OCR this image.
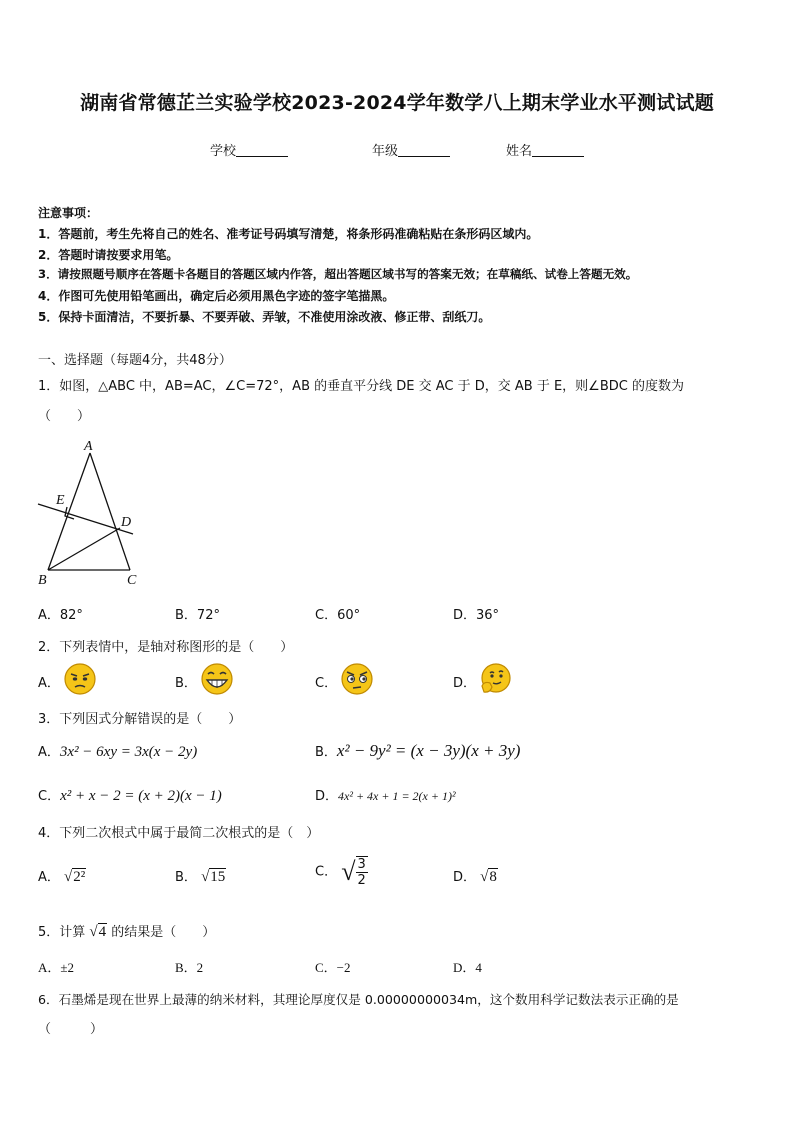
湖南省常德芷兰实验学校2023-2024学年数学八上期末学业水平测试试题
学校	年级	姓名
注意事项：
1．答题前，考生先将自己的姓名、准考证号码填写清楚，将条形码准确粘贴在条形码区域内。
2．答题时请按要求用笔。
3．请按照题号顺序在答题卡各题目的答题区域内作答，超出答题区域书写的答案无效；在草稿纸、试卷上答题无效。
4．作图可先使用铅笔画出，确定后必须用黑色字迹的签字笔描黑。
5．保持卡面清洁，不要折暴、不要弄破、弄皱，不准使用涂改液、修正带、刮纸刀。
一、选择题（每题4分，共48分）
1．如图，△ABC 中，AB=AC，∠C=72°，AB 的垂直平分线 DE 交 AC 于 D，交 AB 于 E，则∠BDC 的度数为
（　　）
A
E
D
B	C
A．82°	B．72°	C．60°	D．36°
2．下列表情中，是轴对称图形的是（　　）
A．	B．	C．	D．
3．下列因式分解错误的是（　　）
A．3x² − 6xy = 3x(x − 2y)	B．x² − 9y² = (x − 3y)(x + 3y)
C．x² + x − 2 = (x + 2)(x − 1)	D．4x² + 4x + 1 = 2(x + 1)²
4．下列二次根式中属于最简二次根式的是（　）
A． √2²	B． √15	C． √ $\frac{3}{2}$	D． √8
5．计算 √4 的结果是（　　）
A．±2	B．2	C．−2	D．4
6．石墨烯是现在世界上最薄的纳米材料，其理论厚度仅是 0.00000000034m，这个数用科学记数法表示正确的是
（　　　）
